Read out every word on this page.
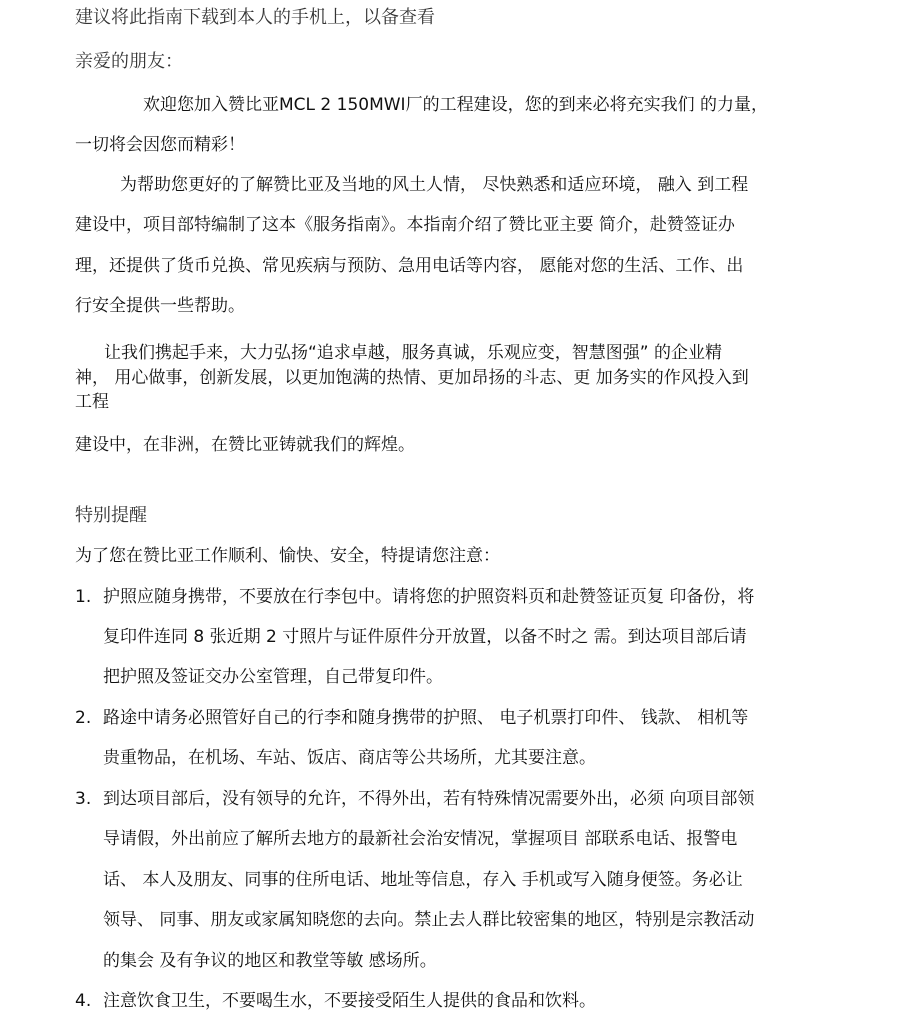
建议将此指南下载到本人的手机上，以备查看
亲爱的朋友：
欢迎您加入赞比亚MCL 2 150MWI厂的工程建设，您的到来必将充实我们 的力量，
一切将会因您而精彩！
为帮助您更好的了解赞比亚及当地的风土人情， 尽快熟悉和适应环境， 融入 到工程
建设中，项目部特编制了这本《服务指南》。本指南介绍了赞比亚主要 简介，赴赞签证办
理，还提供了货币兑换、常见疾病与预防、急用电话等内容， 愿能对您的生活、工作、出
行安全提供一些帮助。
让我们携起手来，大力弘扬“追求卓越，服务真诚，乐观应变，智慧图强” 的企业精
神， 用心做事，创新发展，以更加饱满的热情、更加昂扬的斗志、更 加务实的作风投入到
工程
建设中，在非洲，在赞比亚铸就我们的辉煌。
特别提醒
为了您在赞比亚工作顺利、愉快、安全，特提请您注意：
1. 护照应随身携带，不要放在行李包中。请将您的护照资料页和赴赞签证页复 印备份，将
复印件连同 8 张近期 2 寸照片与证件原件分开放置，以备不时之 需。到达项目部后请
把护照及签证交办公室管理，自己带复印件。
2. 路途中请务必照管好自己的行李和随身携带的护照、 电子机票打印件、 钱款、 相机等
贵重物品，在机场、车站、饭店、商店等公共场所，尤其要注意。
3. 到达项目部后，没有领导的允许，不得外出，若有特殊情况需要外出，必须 向项目部领
导请假，外出前应了解所去地方的最新社会治安情况，掌握项目 部联系电话、报警电
话、 本人及朋友、同事的住所电话、地址等信息，存入 手机或写入随身便签。务必让
领导、 同事、朋友或家属知晓您的去向。禁止去人群比较密集的地区，特别是宗教活动
的集会 及有争议的地区和教堂等敏 感场所。
4. 注意饮食卫生，不要喝生水，不要接受陌生人提供的食品和饮料。
